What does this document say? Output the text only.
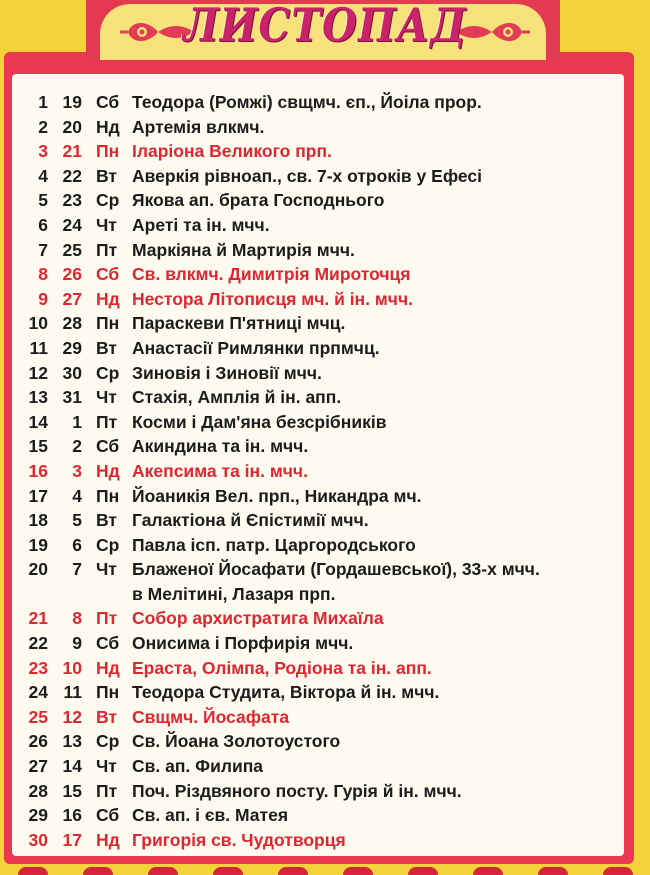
ЛИСТОПАД
1 19 Сб Теодора (Ромжі) свщмч. єп., Йоіла прор.
2 20 Нд Артемія влкмч.
3 21 Пн Іларіона Великого прп.
4 22 Вт Аверкія рівноап., св. 7-х отроків у Ефесі
5 23 Ср Якова ап. брата Господнього
6 24 Чт Ареті та ін. мчч.
7 25 Пт Маркіяна й Мартирія мчч.
8 26 Сб Св. влкмч. Димитрія Мироточця
9 27 Нд Нестора Літописця мч. й ін. мчч.
10 28 Пн Параскеви П'ятниці мчц.
11 29 Вт Анастасії Римлянки прпмчц.
12 30 Ср Зиновія і Зиновії мчч.
13 31 Чт Стахія, Амплія й ін. апп.
14	1 Пт Косми і Дам'яна безсрібників
15	2 Сб Акиндина та ін. мчч.
16	3 Нд Акепсима та ін. мчч.
17	4 Пн Йоаникія Вел. прп., Никандра мч.
18	5 Вт Галактіона й Єпістимії мчч.
19	6 Ср Павла ісп. патр. Царгородського
20	7 Чт Блаженої Йосафати (Гордашевської), 33-х мчч.
в Мелітині, Лазаря прп.
21	8 Пт Собор архистратига Михаїла
22	9 Сб Онисима і Порфирія мчч.
23 10 Нд Ераста, Олімпа, Родіона та ін. апп.
24 11 Пн Теодора Студита, Віктора й ін. мчч.
25 12 Вт Свщмч. Йосафата
26 13 Ср Св. Йоана Золотоустого
27 14 Чт Св. ап. Филипа
28 15 Пт Поч. Різдвяного посту. Гурія й ін. мчч.
29 16 Сб Св. ап. і єв. Матея
30 17 Нд Григорія св. Чудотворця
